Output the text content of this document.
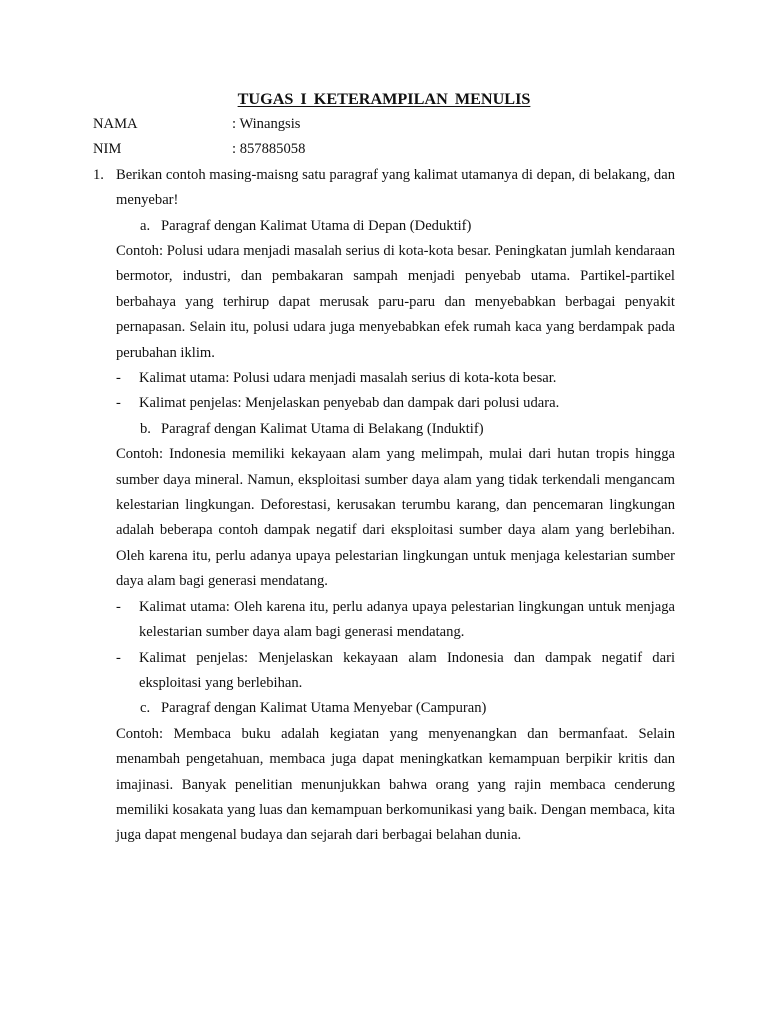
TUGAS I KETERAMPILAN MENULIS
NAMA	: Winangsis
NIM	: 857885058
1. Berikan contoh masing-maisng satu paragraf yang kalimat utamanya di depan, di belakang, dan menyebar!
a. Paragraf dengan Kalimat Utama di Depan (Deduktif)
Contoh: Polusi udara menjadi masalah serius di kota-kota besar. Peningkatan jumlah kendaraan bermotor, industri, dan pembakaran sampah menjadi penyebab utama. Partikel-partikel berbahaya yang terhirup dapat merusak paru-paru dan menyebabkan berbagai penyakit pernapasan. Selain itu, polusi udara juga menyebabkan efek rumah kaca yang berdampak pada perubahan iklim.
- Kalimat utama: Polusi udara menjadi masalah serius di kota-kota besar.
- Kalimat penjelas: Menjelaskan penyebab dan dampak dari polusi udara.
b. Paragraf dengan Kalimat Utama di Belakang (Induktif)
Contoh: Indonesia memiliki kekayaan alam yang melimpah, mulai dari hutan tropis hingga sumber daya mineral. Namun, eksploitasi sumber daya alam yang tidak terkendali mengancam kelestarian lingkungan. Deforestasi, kerusakan terumbu karang, dan pencemaran lingkungan adalah beberapa contoh dampak negatif dari eksploitasi sumber daya alam yang berlebihan. Oleh karena itu, perlu adanya upaya pelestarian lingkungan untuk menjaga kelestarian sumber daya alam bagi generasi mendatang.
- Kalimat utama: Oleh karena itu, perlu adanya upaya pelestarian lingkungan untuk menjaga kelestarian sumber daya alam bagi generasi mendatang.
- Kalimat penjelas: Menjelaskan kekayaan alam Indonesia dan dampak negatif dari eksploitasi yang berlebihan.
c. Paragraf dengan Kalimat Utama Menyebar (Campuran)
Contoh: Membaca buku adalah kegiatan yang menyenangkan dan bermanfaat. Selain menambah pengetahuan, membaca juga dapat meningkatkan kemampuan berpikir kritis dan imajinasi. Banyak penelitian menunjukkan bahwa orang yang rajin membaca cenderung memiliki kosakata yang luas dan kemampuan berkomunikasi yang baik. Dengan membaca, kita juga dapat mengenal budaya dan sejarah dari berbagai belahan dunia.
